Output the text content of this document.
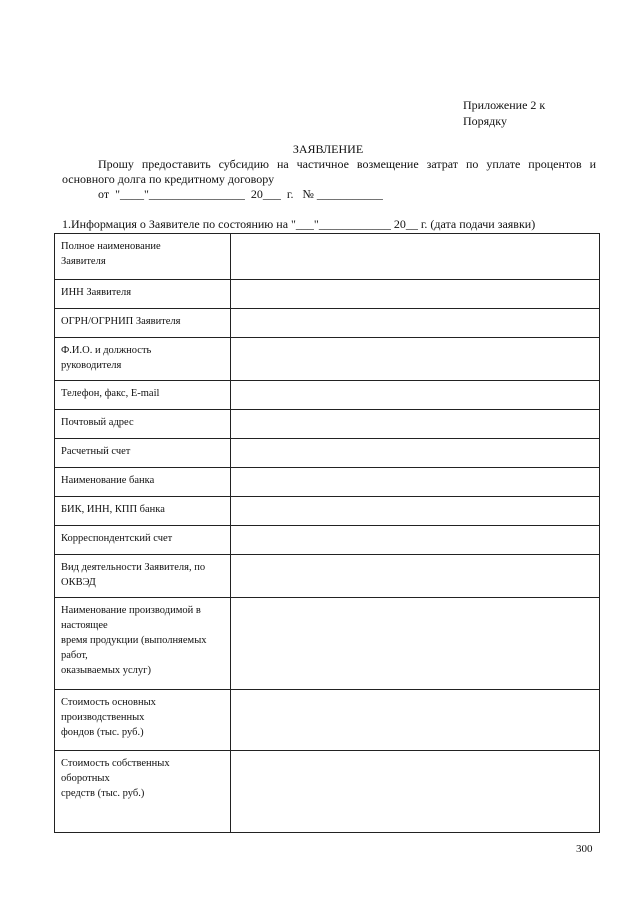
Приложение 2 к
Порядку
ЗАЯВЛЕНИЕ
Прошу предоставить субсидию на частичное возмещение затрат по уплате процентов и основного долга по кредитному договору
от  "____"________________  20___  г.   № ___________
1.Информация о Заявителе по состоянию на "___"____________ 20__ г. (дата подачи заявки)
Полное наименование
Заявителя	

ИНН Заявителя	

ОГРН/ОГРНИП Заявителя	

Ф.И.О. и должность
руководителя	

Телефон, факс, E-mail	

Почтовый адрес	

Расчетный счет	

Наименование банка	

БИК, ИНН, КПП банка	

Корреспондентский счет	

Вид деятельности Заявителя, по
ОКВЭД	

Наименование производимой в
настоящее
время продукции (выполняемых
работ,
оказываемых услуг)	

Стоимость основных
производственных
фондов (тыс. руб.)	

Стоимость собственных
оборотных
средств (тыс. руб.)	

300
